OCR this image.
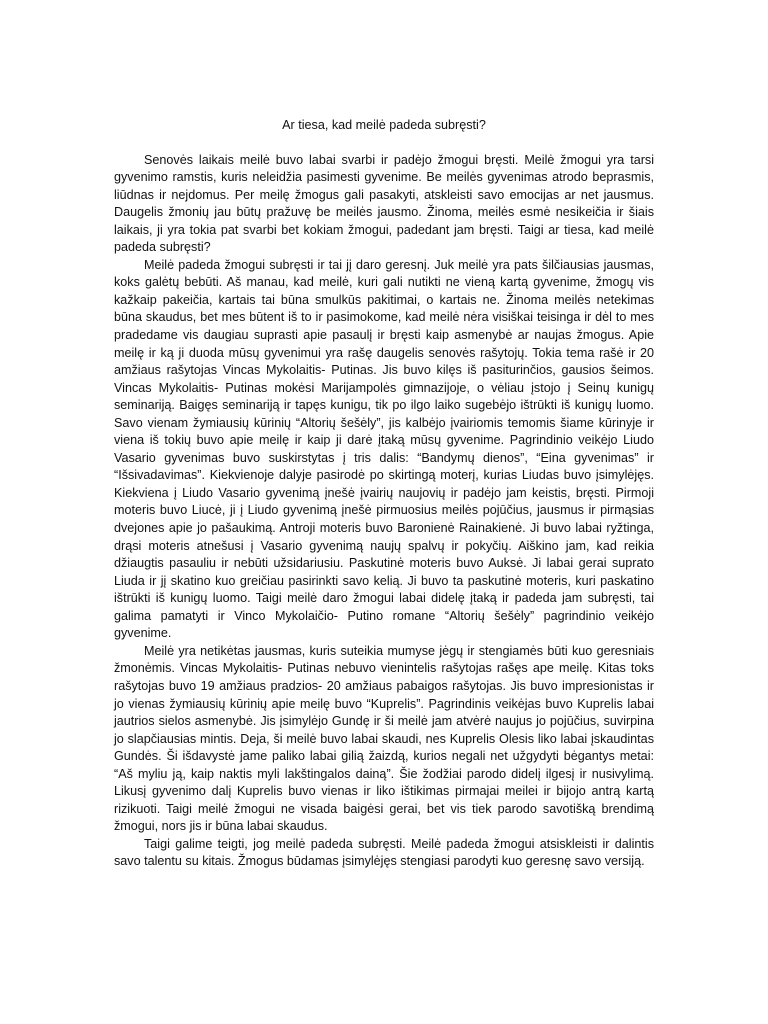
Ar tiesa, kad meilė padeda subręsti?

Senovės laikais meilė buvo labai svarbi ir padėjo žmogui bręsti. Meilė žmogui yra tarsi gyvenimo ramstis, kuris neleidžia pasimesti gyvenime. Be meilės gyvenimas atrodo beprasmis, liūdnas ir nejdomus. Per meilę žmogus gali pasakyti, atskleisti savo emocijas ar net jausmus. Daugelis žmonių jau būtų pražuvę be meilės jausmo. Žinoma, meilės esmė nesikeičia ir šiais laikais, ji yra tokia pat svarbi bet kokiam žmogui, padedant jam bręsti. Taigi ar tiesa, kad meilė padeda subręsti?

Meilė padeda žmogui subręsti ir tai jį daro geresnį. Juk meilė yra pats šilčiausias jausmas, koks galėtų bebūti. Aš manau, kad meilė, kuri gali nutikti ne vieną kartą gyvenime, žmogų vis kažkaip pakeičia, kartais tai būna smulkūs pakitimai, o kartais ne. Žinoma meilės netekimas būna skaudus, bet mes būtent iš to ir pasimokome, kad meilė nėra visiškai teisinga ir dėl to mes pradedame vis daugiau suprasti apie pasaulį ir bręsti kaip asmenybė ar naujas žmogus. Apie meilę ir ką ji duoda mūsų gyvenimui yra rašę daugelis senovės rašytojų. Tokia tema rašė ir 20 amžiaus rašytojas Vincas Mykolaitis- Putinas. Jis buvo kilęs iš pasiturinčios, gausios šeimos. Vincas Mykolaitis- Putinas mokėsi Marijampolės gimnazijoje, o vėliau įstojo į Seinų kunigų seminariją. Baigęs seminariją ir tapęs kunigu, tik po ilgo laiko sugebėjo ištrūkti iš kunigų luomo. Savo vienam žymiausių kūrinių “Altorių šešėly”, jis kalbėjo įvairiomis temomis šiame kūrinyje ir viena iš tokių buvo apie meilę ir kaip ji darė įtaką mūsų gyvenime. Pagrindinio veikėjo Liudo Vasario gyvenimas buvo suskirstytas į tris dalis: “Bandymų dienos”, “Eina gyvenimas” ir “Išsivadavimas”. Kiekvienoje dalyje pasirodė po skirtingą moterį, kurias Liudas buvo įsimylėjęs. Kiekviena į Liudo Vasario gyvenimą įnešė įvairių naujovių ir padėjo jam keistis, bręsti. Pirmoji moteris buvo Liucė, ji į Liudo gyvenimą įnešė pirmuosius meilės pojūčius, jausmus ir pirmąsias dvejones apie jo pašaukimą. Antroji moteris buvo Baronienė Rainakienė. Ji buvo labai ryžtinga, drąsi moteris atnešusi į Vasario gyvenimą naujų spalvų ir pokyčių. Aiškino jam, kad reikia džiaugtis pasauliu ir nebūti užsidariusiu. Paskutinė moteris buvo Auksė. Ji labai gerai suprato Liuda ir jį skatino kuo greičiau pasirinkti savo kelią. Ji buvo ta paskutinė moteris, kuri paskatino ištrūkti iš kunigų luomo. Taigi meilė daro žmogui labai didelę įtaką ir padeda jam subręsti, tai galima pamatyti ir Vinco Mykolaičio- Putino romane “Altorių šešėly” pagrindinio veikėjo gyvenime.

Meilė yra netikėtas jausmas, kuris suteikia mumyse jėgų ir stengiamės būti kuo geresniais žmonėmis. Vincas Mykolaitis- Putinas nebuvo vienintelis rašytojas rašęs ape meilę. Kitas toks rašytojas buvo 19 amžiaus pradzios- 20 amžiaus pabaigos rašytojas. Jis buvo impresionistas ir jo vienas žymiausių kūrinių apie meilę buvo “Kuprelis”. Pagrindinis veikėjas buvo Kuprelis labai jautrios sielos asmenybė. Jis įsimylėjo Gundę ir ši meilė jam atvėrė naujus jo pojūčius, suvirpina jo slapčiausias mintis. Deja, ši meilė buvo labai skaudi, nes Kuprelis Olesis liko labai įskaudintas Gundės. Ši išdavystė jame paliko labai gilią žaizdą, kurios negali net užgydyti bėgantys metai: “Aš myliu ją, kaip naktis myli lakštingalos dainą”. Šie žodžiai parodo didelį ilgesį ir nusivylimą. Likusį gyvenimo dalį Kuprelis buvo vienas ir liko ištikimas pirmajai meilei ir bijojo antrą kartą rizikuoti. Taigi meilė žmogui ne visada baigėsi gerai, bet vis tiek parodo savotišką brendimą žmogui, nors jis ir būna labai skaudus.

Taigi galime teigti, jog meilė padeda subręsti. Meilė padeda žmogui atsiskleisti ir dalintis savo talentu su kitais. Žmogus būdamas įsimylėjęs stengiasi parodyti kuo geresnę savo versiją.
